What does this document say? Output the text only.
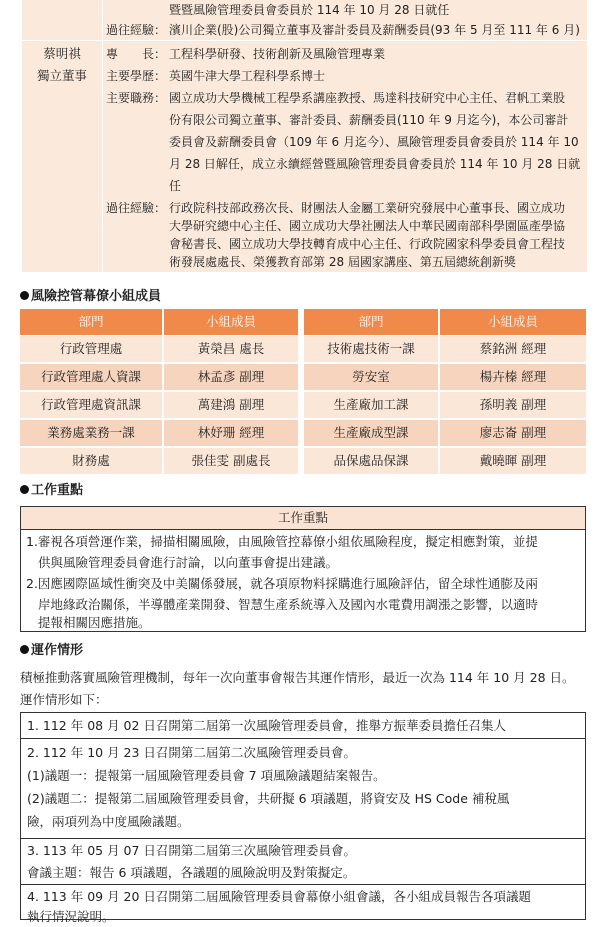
暨暨風險管理委員會委員於 114 年 10 月 28 日就任
過往經驗： 濱川企業(股)公司獨立董事及審計委員及薪酬委員(93 年 5 月至 111 年 6 月)
蔡明祺
獨立董事
專　　長： 工程科學研發、技術創新及風險管理專業
主要學歷： 英國牛津大學工程科學系博士
主要職務： 國立成功大學機械工程學系講座教授、馬達科技研究中心主任、君帆工業股
份有限公司獨立董事、審計委員、薪酬委員(110 年 9 月迄今)，本公司審計
委員會及薪酬委員會（109 年 6 月迄今）、風險管理委員會委員於 114 年 10
月 28 日解任，成立永續經營暨風險管理委員會委員於 114 年 10 月 28 日就
任
過往經驗： 行政院科技部政務次長、財團法人金屬工業研究發展中心董事長、國立成功
大學研究總中心主任、國立成功大學社團法人中華民國南部科學園區產學協
會秘書長、國立成功大學技轉育成中心主任、行政院國家科學委員會工程技
術發展處處長、榮獲教育部第 28 屆國家講座、第五屆總統創新獎
風險控管幕僚小組成員
部門	小組成員	部門	小組成員
行政管理處	黃榮昌 處長	技術處技術一課	蔡銘洲 經理
行政管理處人資課	林孟彥 副理	勞安室	楊卉榛 經理
行政管理處資訊課	萬建鴻 副理	生產廠加工課	孫明義 副理
業務處業務一課	林妤珊 經理	生產廠成型課	廖志崙 副理
財務處	張佳雯 副處長	品保處品保課	戴曉暉 副理
工作重點
工作重點
1.審視各項營運作業，掃描相關風險，由風險管控幕僚小組依風險程度，擬定相應對策，並提
供與風險管理委員會進行討論，以向董事會提出建議。
2.因應國際區域性衝突及中美關係發展，就各項原物料採購進行風險評估，留全球性通膨及兩
岸地緣政治關係，半導體產業開發、智慧生產系統導入及國內水電費用調漲之影響，以適時
提報相關因應措施。
運作情形
積極推動落實風險管理機制，每年一次向董事會報告其運作情形，最近一次為 114 年 10 月 28 日。
運作情形如下：
1. 112 年 08 月 02 日召開第二屆第一次風險管理委員會，推舉方振華委員擔任召集人
2. 112 年 10 月 23 日召開第二屆第二次風險管理委員會。
(1)議題一：提報第一屆風險管理委員會 7 項風險議題結案報告。
(2)議題二：提報第二屆風險管理委員會，共研擬 6 項議題，將資安及 HS Code 補稅風
險，兩項列為中度風險議題。
3. 113 年 05 月 07 日召開第二屆第三次風險管理委員會。
會議主題：報告 6 項議題，各議題的風險說明及對策擬定。
4. 113 年 09 月 20 日召開第二屆風險管理委員會幕僚小組會議，各小組成員報告各項議題
執行情況說明。
